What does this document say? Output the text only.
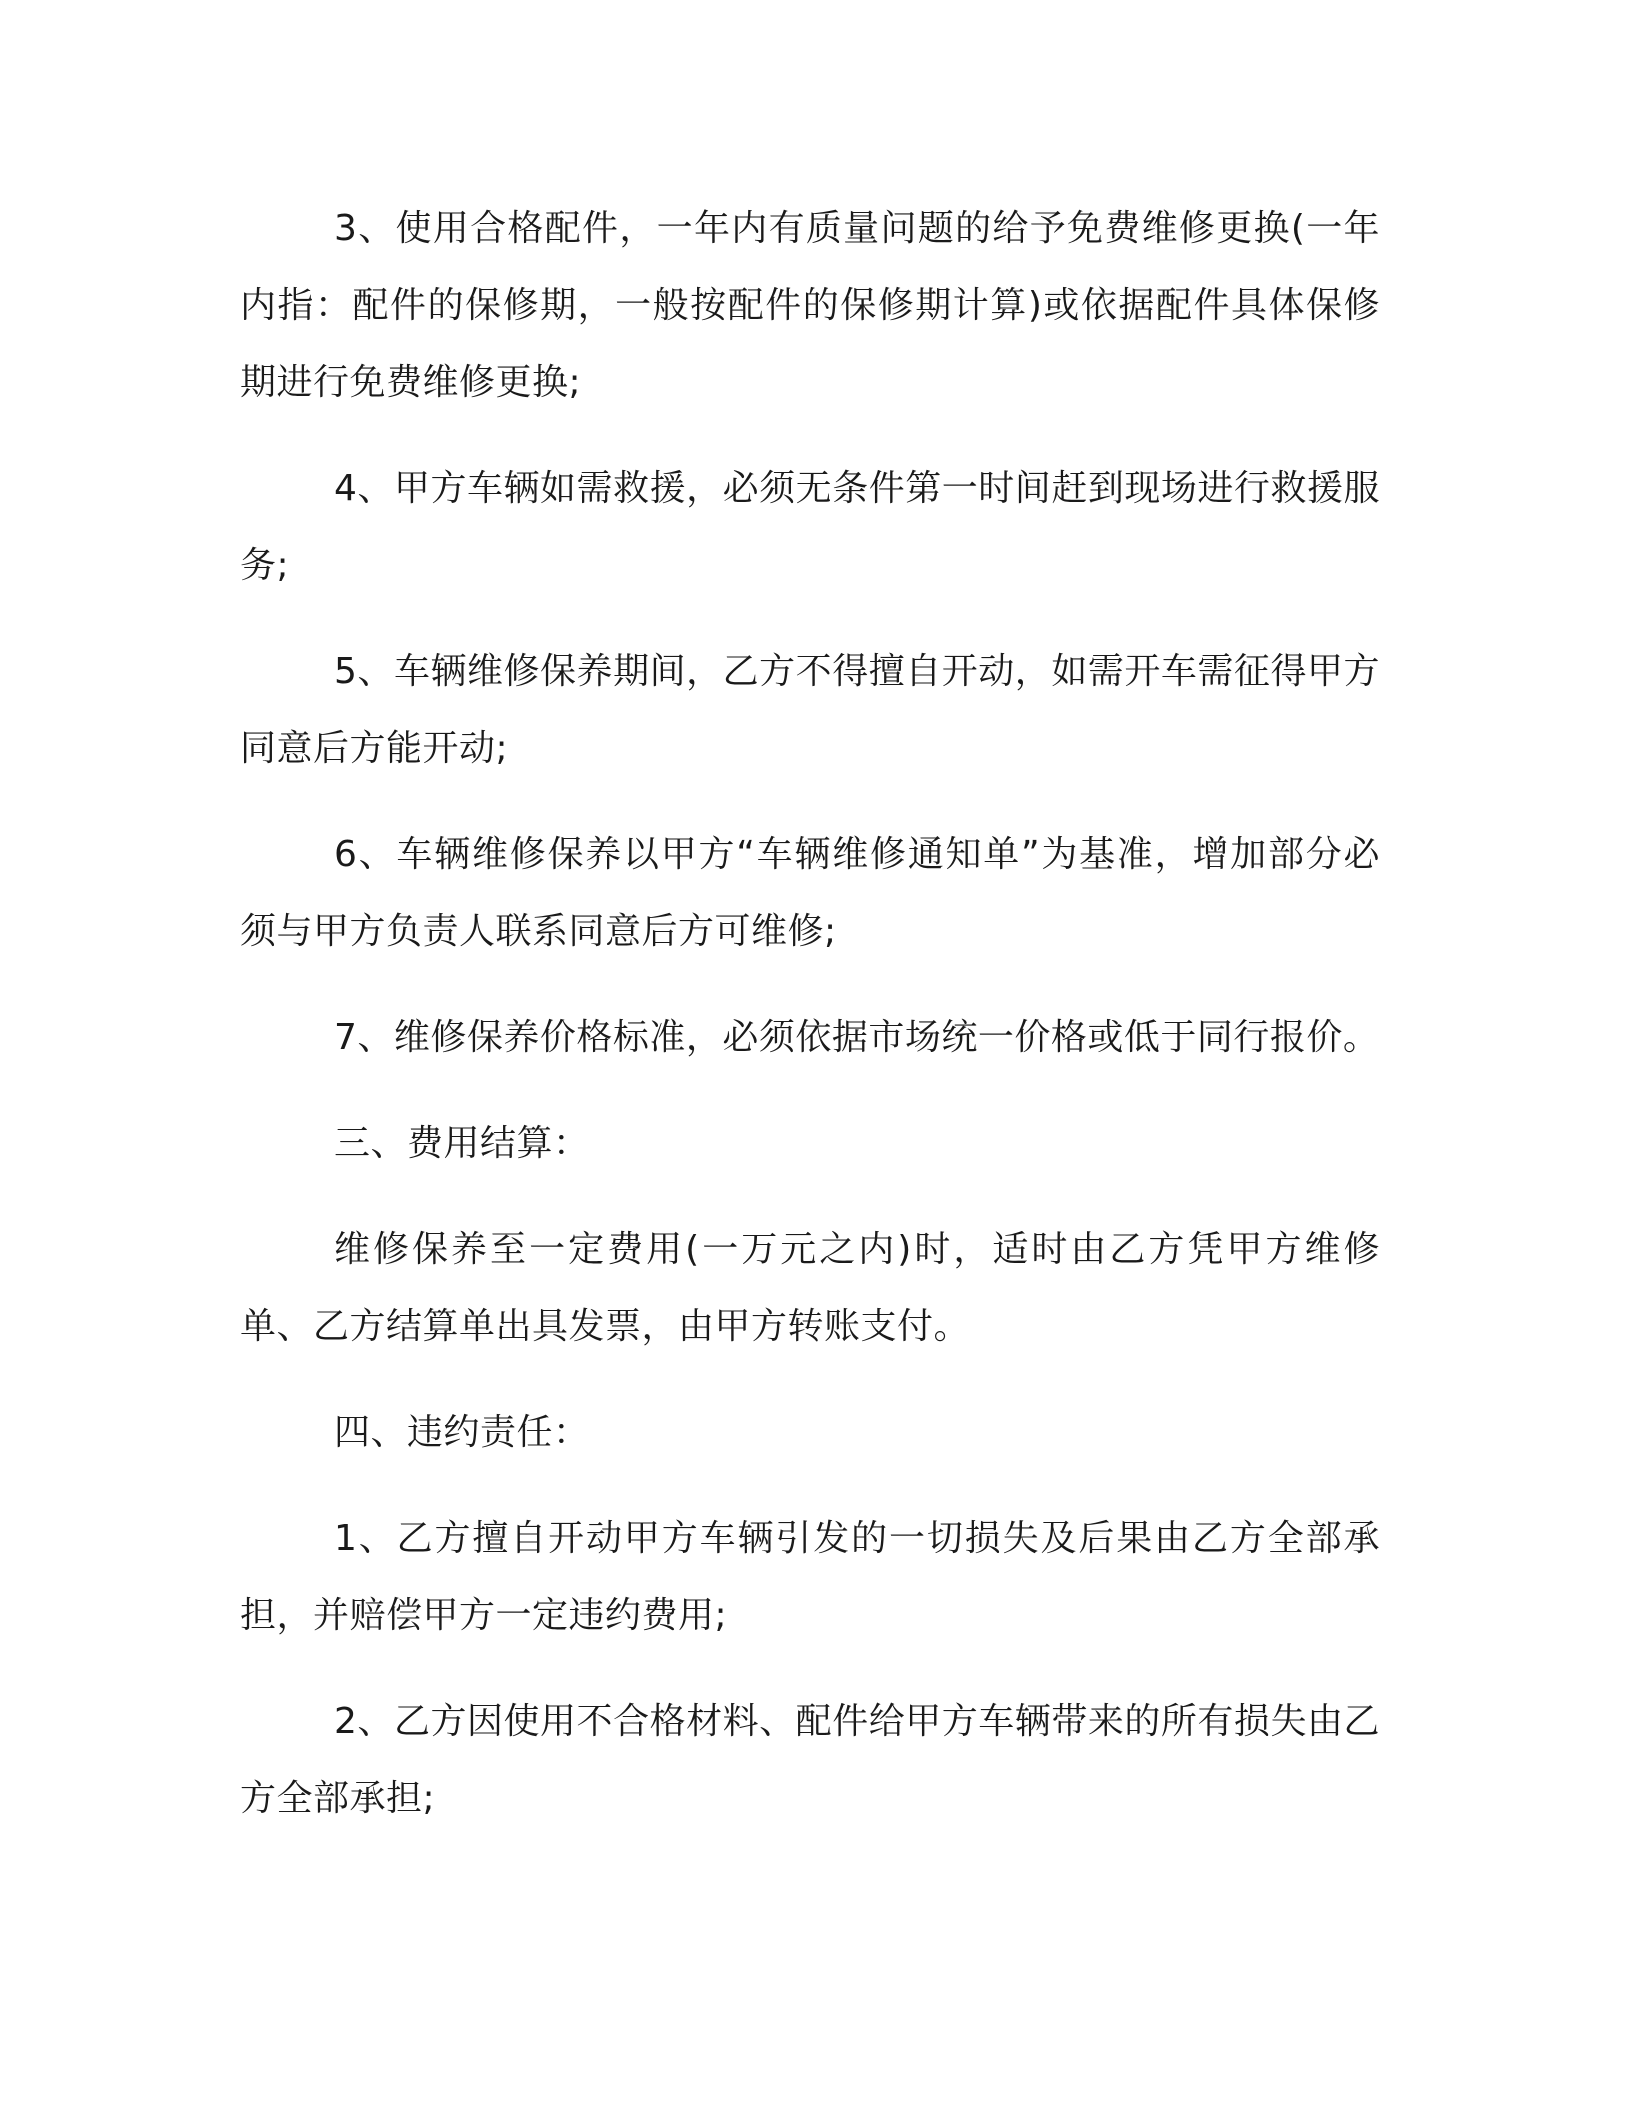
3、使用合格配件，一年内有质量问题的给予免费维修更换(一年内指：配件的保修期，一般按配件的保修期计算)或依据配件具体保修期进行免费维修更换;

4、甲方车辆如需救援，必须无条件第一时间赶到现场进行救援服务;

5、车辆维修保养期间，乙方不得擅自开动，如需开车需征得甲方同意后方能开动;

6、车辆维修保养以甲方“车辆维修通知单”为基准，增加部分必须与甲方负责人联系同意后方可维修;

7、维修保养价格标准，必须依据市场统一价格或低于同行报价。

三、费用结算：

维修保养至一定费用(一万元之内)时，适时由乙方凭甲方维修单、乙方结算单出具发票，由甲方转账支付。

四、违约责任：

1、乙方擅自开动甲方车辆引发的一切损失及后果由乙方全部承担，并赔偿甲方一定违约费用;

2、乙方因使用不合格材料、配件给甲方车辆带来的所有损失由乙方全部承担;
